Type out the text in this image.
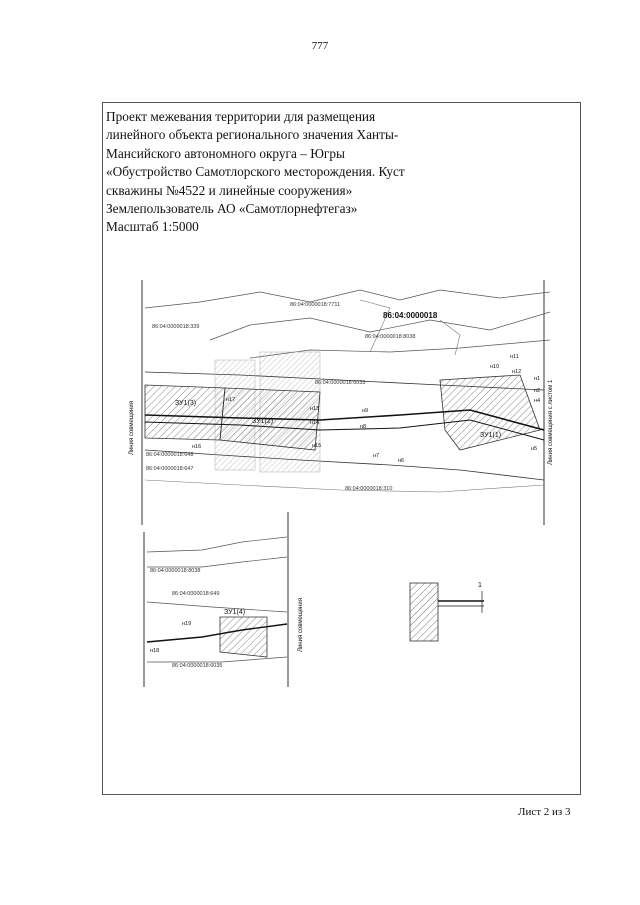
777
Проект межевания территории для размещения
линейного объекта регионального значения Ханты-
Мансийского автономного округа – Югры
«Обустройство Самотлорского месторождения. Куст
скважины №4522 и линейные сооружения»
Землепользователь АО «Самотлорнефтегаз»
Масштаб 1:5000
86:04:0000018
86:04:0000018:7711
86:04:0000018:8038
86:04:0000018:6033
86:04:0000018:339
86:04:0000018:648
86:04:0000018:647
86:04:0000018:310
ЗУ1(3)
ЗУ1(2)
ЗУ1(1)
н1
н2
н4
н5
н6
н7
н8
н9
н10
н11
н12
н13
н14
н15
н16
н17
Линия совмещения	Линия совмещения с листом 1
86:04:0000018:8038
86:04:0000018:649
86:04:0000018:6035
ЗУ1(4)
н18
н19	Линия совмещения
1
Лист 2 из 3
